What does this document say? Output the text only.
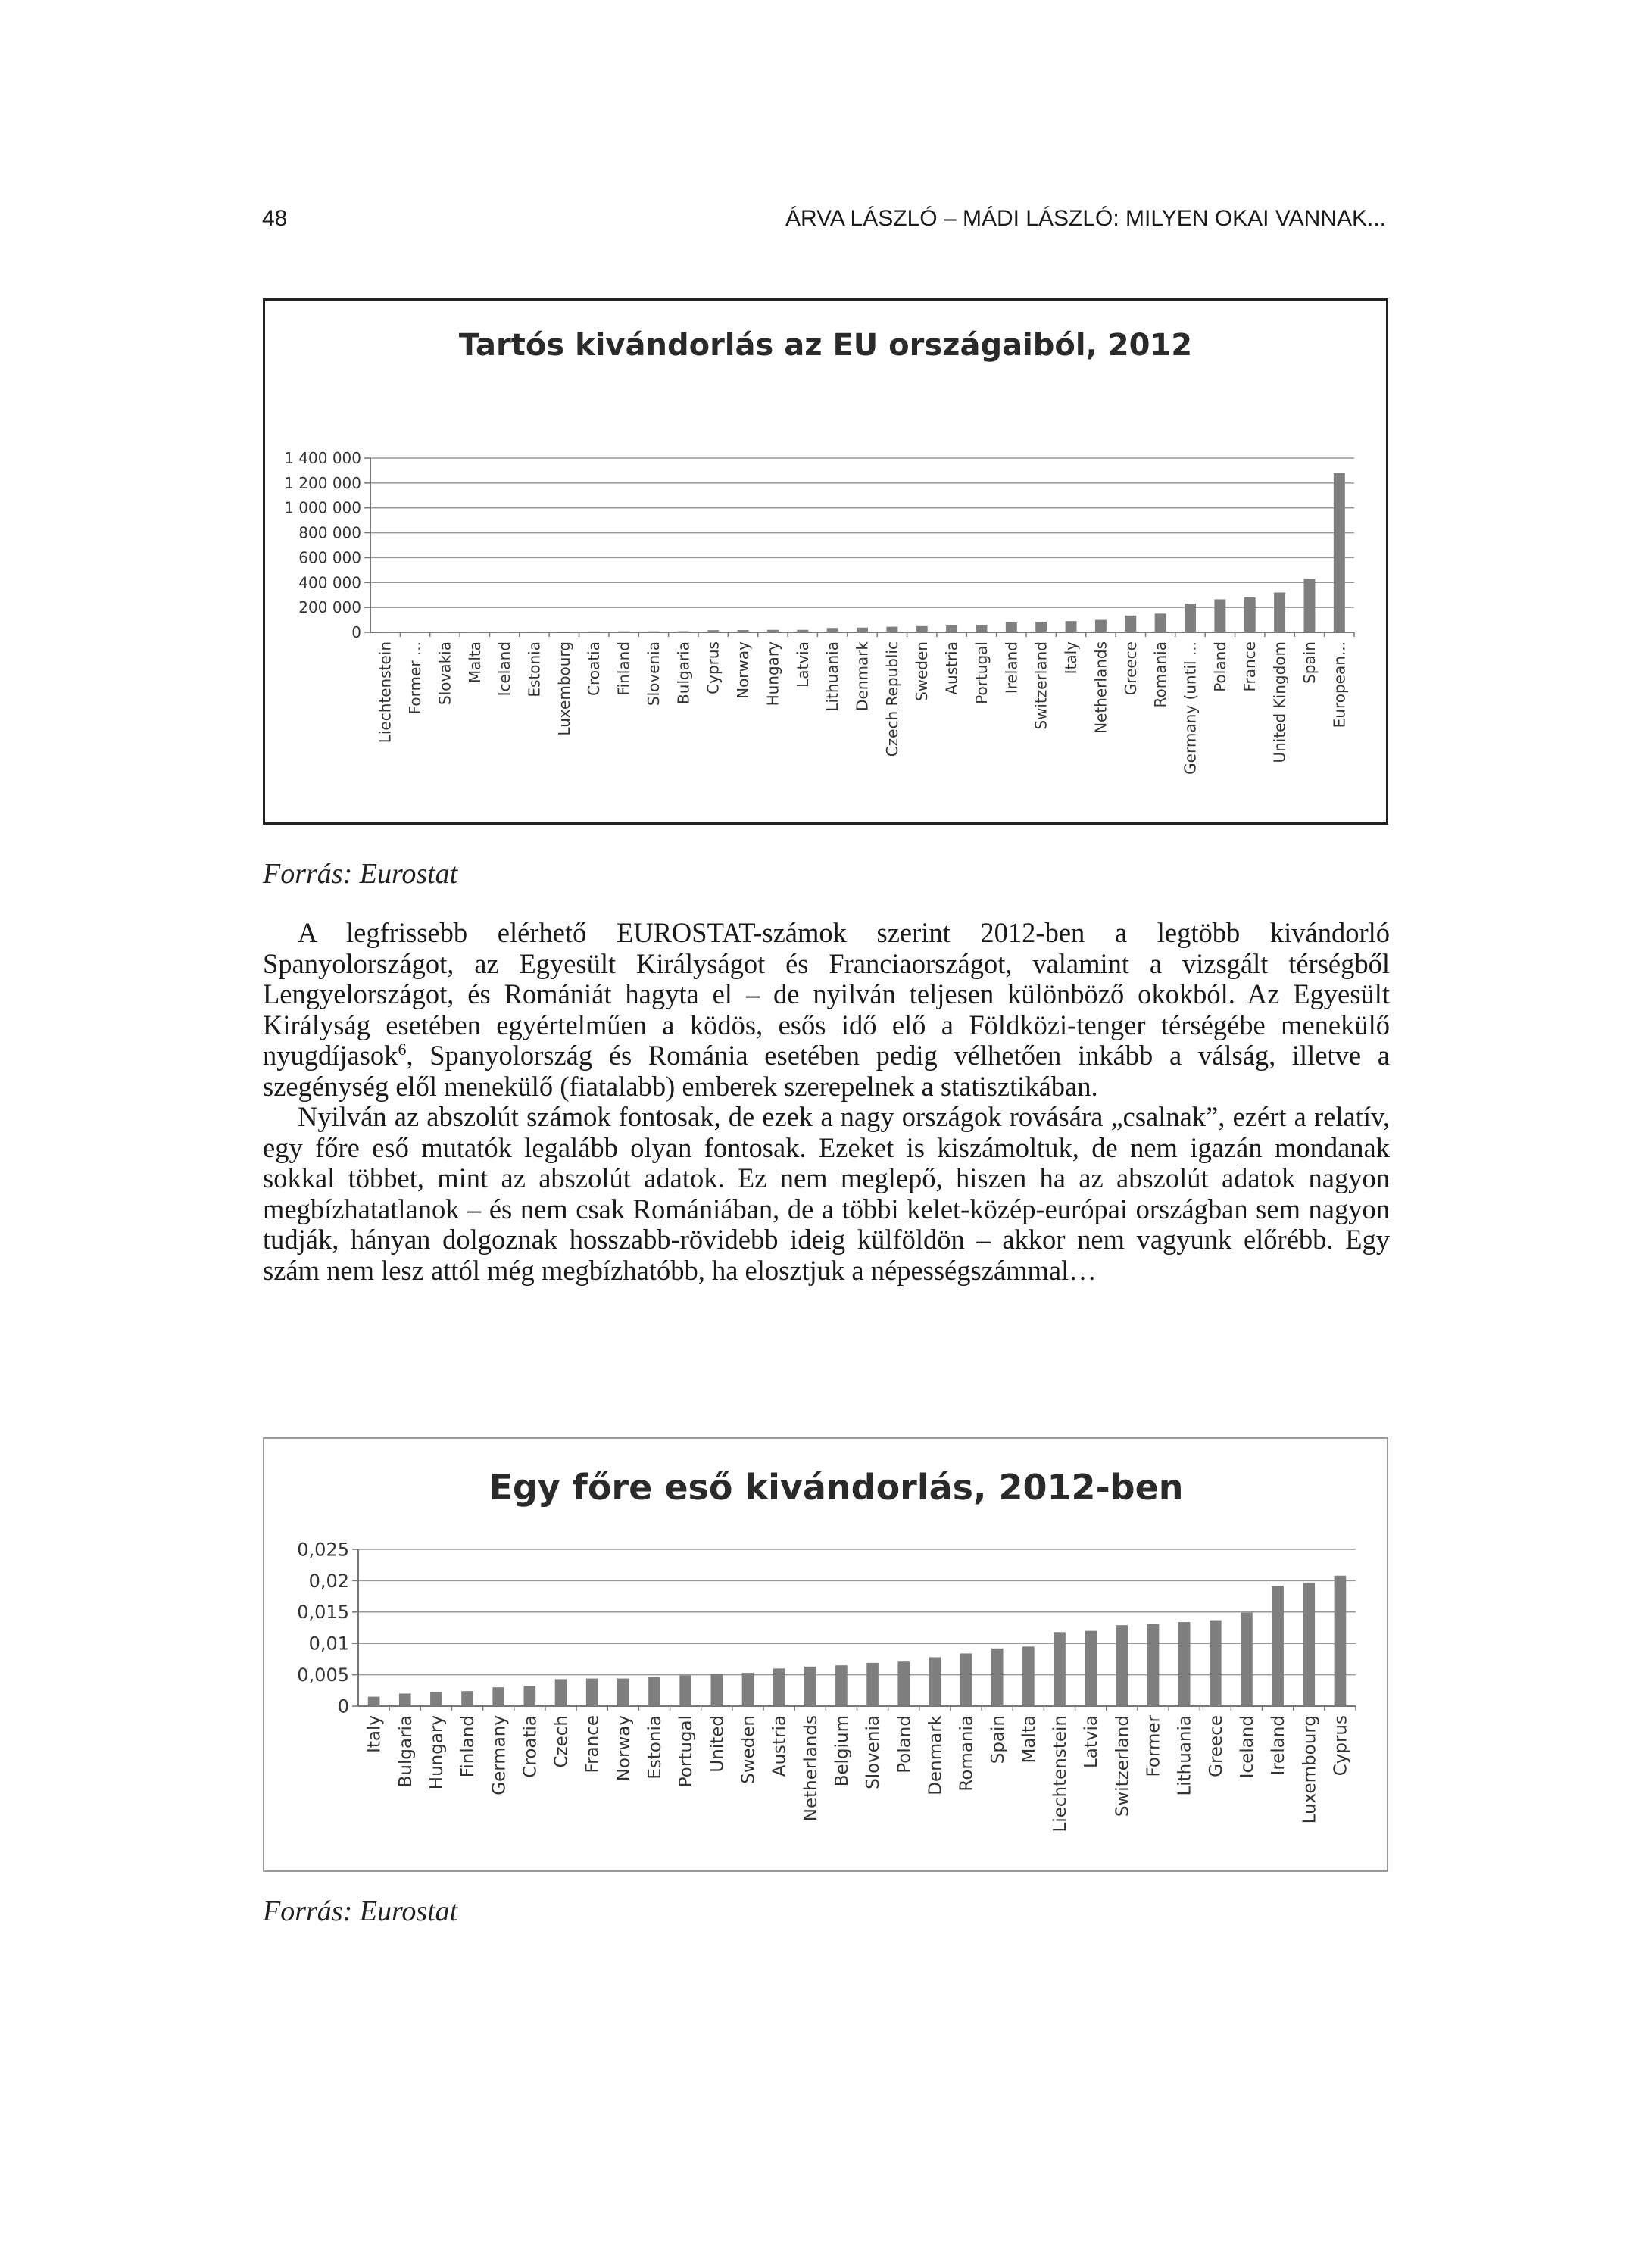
48	ÁRVA LÁSZLÓ – MÁDI LÁSZLÓ: MILYEN OKAI VANNAK...
Tartós kivándorlás az EU országaiból, 2012
0
200 000
400 000
600 000
800 000
1 000 000
1 200 000
1 400 000
Liechtenstein Former ... Slovakia Malta Iceland Estonia Luxembourg Croatia Finland Slovenia Bulgaria Cyprus Norway Hungary Latvia Lithuania Denmark Czech Republic Sweden Austria Portugal Ireland Switzerland Italy Netherlands Greece Romania Germany (until ... Poland France United Kingdom Spain European...
Forrás: Eurostat

A legfrissebb elérhető EUROSTAT-számok szerint 2012-ben a legtöbb kivándorló Spanyolországot, az Egyesült Királyságot és Franciaországot, valamint a vizsgált térségből Lengyelországot, és Romániát hagyta el – de nyilván teljesen különböző okokból. Az Egyesült Királyság esetében egyértelműen a ködös, esős idő elő a Földközi-tenger térségébe menekülő nyugdíjasok$^6$, Spanyolország és Románia esetében pedig vélhetően inkább a válság, illetve a szegénység elől menekülő (fiatalabb) emberek szerepelnek a statisztikában.

Nyilván az abszolút számok fontosak, de ezek a nagy országok rovására „csalnak”, ezért a relatív, egy főre eső mutatók legalább olyan fontosak. Ezeket is kiszámoltuk, de nem igazán mondanak sokkal többet, mint az abszolút adatok. Ez nem meglepő, hiszen ha az abszolút adatok nagyon megbízhatatlanok – és nem csak Romániában, de a többi kelet-közép-európai országban sem nagyon tudják, hányan dolgoznak hosszabb-rövidebb ideig külföldön – akkor nem vagyunk előrébb. Egy szám nem lesz attól még megbízhatóbb, ha elosztjuk a népességszámmal…

Egy főre eső kivándorlás, 2012-ben
0
0,005
0,01
0,015
0,02
0,025
Italy Bulgaria Hungary Finland Germany Croatia Czech France Norway Estonia Portugal United Sweden Austria Netherlands Belgium Slovenia Poland Denmark Romania Spain Malta Liechtenstein Latvia Switzerland Former Lithuania Greece Iceland Ireland Luxembourg Cyprus
Forrás: Eurostat
